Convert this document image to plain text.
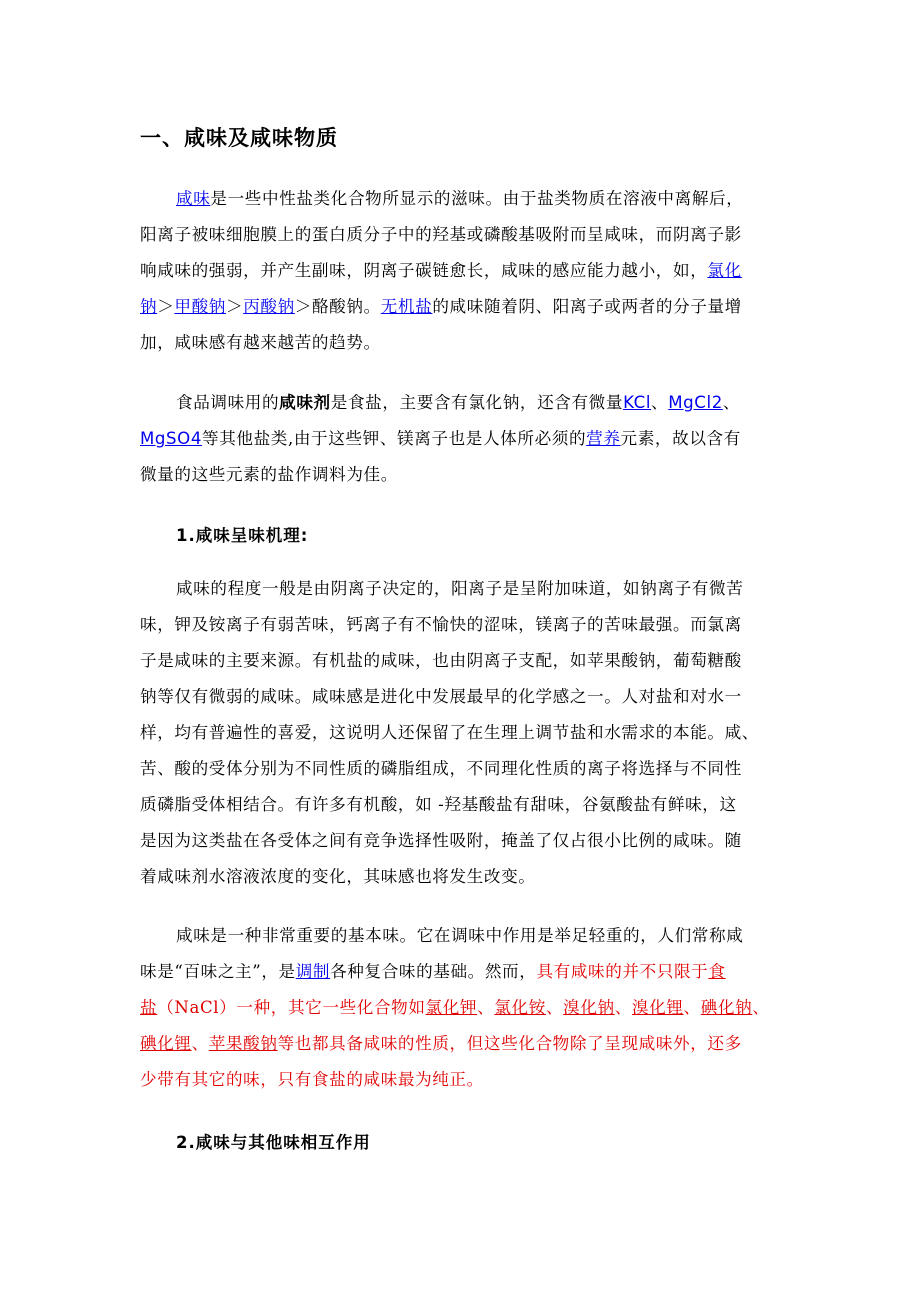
一、咸味及咸味物质
咸味是一些中性盐类化合物所显示的滋味。由于盐类物质在溶液中离解后，
阳离子被味细胞膜上的蛋白质分子中的羟基或磷酸基吸附而呈咸味，而阴离子影
响咸味的强弱，并产生副味，阴离子碳链愈长，咸味的感应能力越小，如，氯化
钠＞甲酸钠＞丙酸钠＞酪酸钠。无机盐的咸味随着阴、阳离子或两者的分子量增
加，咸味感有越来越苦的趋势。
食品调味用的咸味剂是食盐，主要含有氯化钠，还含有微量KCl、MgCl2、
MgSO4等其他盐类,由于这些钾、镁离子也是人体所必须的营养元素，故以含有
微量的这些元素的盐作调料为佳。
1.咸味呈味机理:
咸味的程度一般是由阴离子决定的，阳离子是呈附加味道，如钠离子有微苦
味，钾及铵离子有弱苦味，钙离子有不愉快的涩味，镁离子的苦味最强。而氯离
子是咸味的主要来源。有机盐的咸味，也由阴离子支配，如苹果酸钠，葡萄糖酸
钠等仅有微弱的咸味。咸味感是进化中发展最早的化学感之一。人对盐和对水一
样，均有普遍性的喜爱，这说明人还保留了在生理上调节盐和水需求的本能。咸、
苦、酸的受体分别为不同性质的磷脂组成，不同理化性质的离子将选择与不同性
质磷脂受体相结合。有许多有机酸，如 -羟基酸盐有甜味，谷氨酸盐有鲜味，这
是因为这类盐在各受体之间有竞争选择性吸附，掩盖了仅占很小比例的咸味。随
着咸味剂水溶液浓度的变化，其味感也将发生改变。
咸味是一种非常重要的基本味。它在调味中作用是举足轻重的，人们常称咸
味是“百味之主”，是调制各种复合味的基础。然而，具有咸味的并不只限于食
盐（NaCl）一种，其它一些化合物如氯化钾、氯化铵、溴化钠、溴化锂、碘化钠、
碘化锂、苹果酸钠等也都具备咸味的性质，但这些化合物除了呈现咸味外，还多
少带有其它的味，只有食盐的咸味最为纯正。
2.咸味与其他味相互作用
